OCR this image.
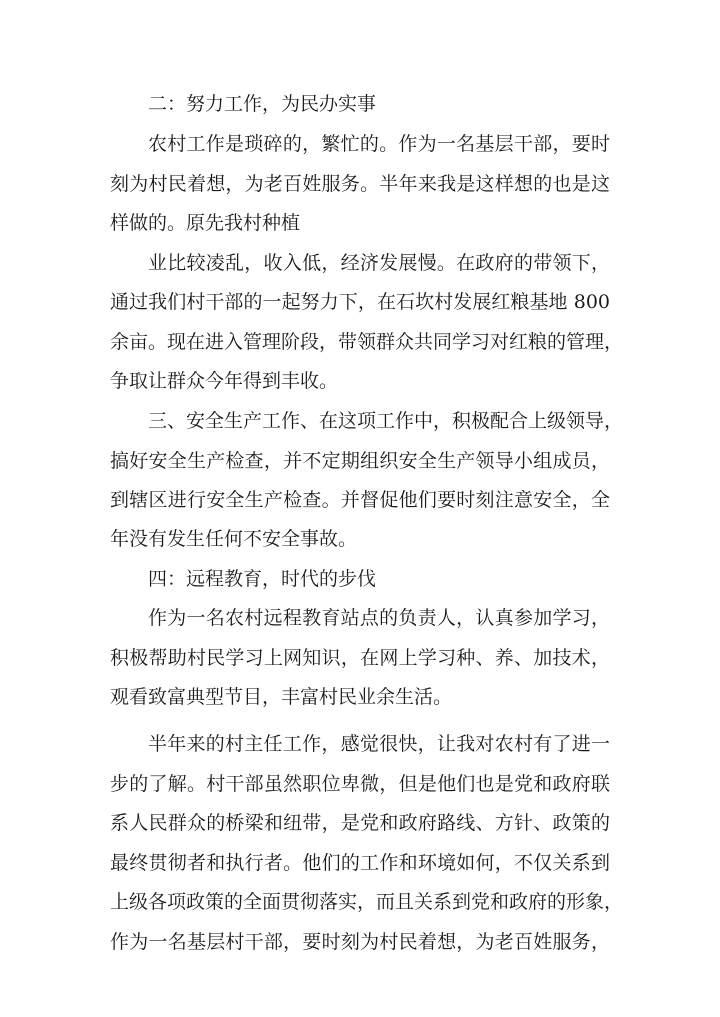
二：努力工作，为民办实事
农村工作是琐碎的，繁忙的。作为一名基层干部，要时
刻为村民着想，为老百姓服务。半年来我是这样想的也是这
样做的。原先我村种植
业比较凌乱，收入低，经济发展慢。在政府的带领下，
通过我们村干部的一起努力下，在石坎村发展红粮基地 800
余亩。现在进入管理阶段，带领群众共同学习对红粮的管理，
争取让群众今年得到丰收。
三、安全生产工作、在这项工作中，积极配合上级领导，
搞好安全生产检查，并不定期组织安全生产领导小组成员，
到辖区进行安全生产检查。并督促他们要时刻注意安全，全
年没有发生任何不安全事故。
四：远程教育，时代的步伐
作为一名农村远程教育站点的负责人，认真参加学习，
积极帮助村民学习上网知识，在网上学习种、养、加技术，
观看致富典型节目，丰富村民业余生活。
半年来的村主任工作，感觉很快，让我对农村有了进一
步的了解。村干部虽然职位卑微，但是他们也是党和政府联
系人民群众的桥梁和纽带，是党和政府路线、方针、政策的
最终贯彻者和执行者。他们的工作和环境如何，不仅关系到
上级各项政策的全面贯彻落实，而且关系到党和政府的形象，
作为一名基层村干部，要时刻为村民着想，为老百姓服务，
